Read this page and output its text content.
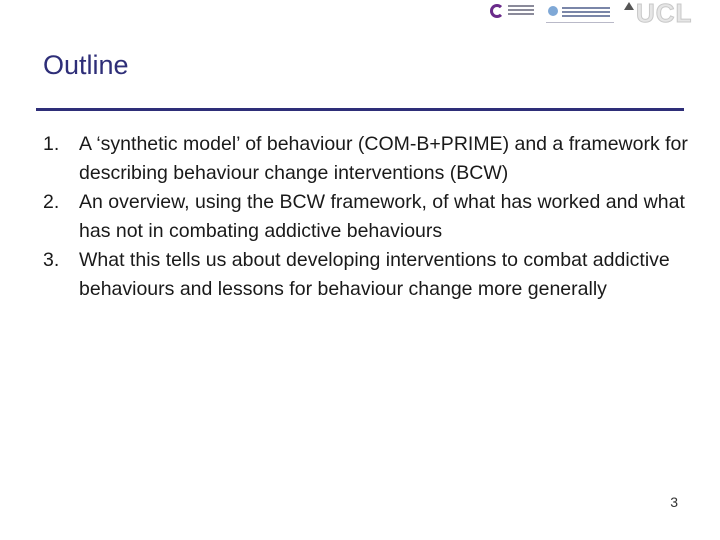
UCL
Outline
1. A ‘synthetic model’ of behaviour (COM-B+PRIME) and a framework for describing behaviour change interventions (BCW)
2. An overview, using the BCW framework, of what has worked and what has not in combating addictive behaviours
3. What this tells us about developing interventions to combat addictive behaviours and lessons for behaviour change more generally
3
